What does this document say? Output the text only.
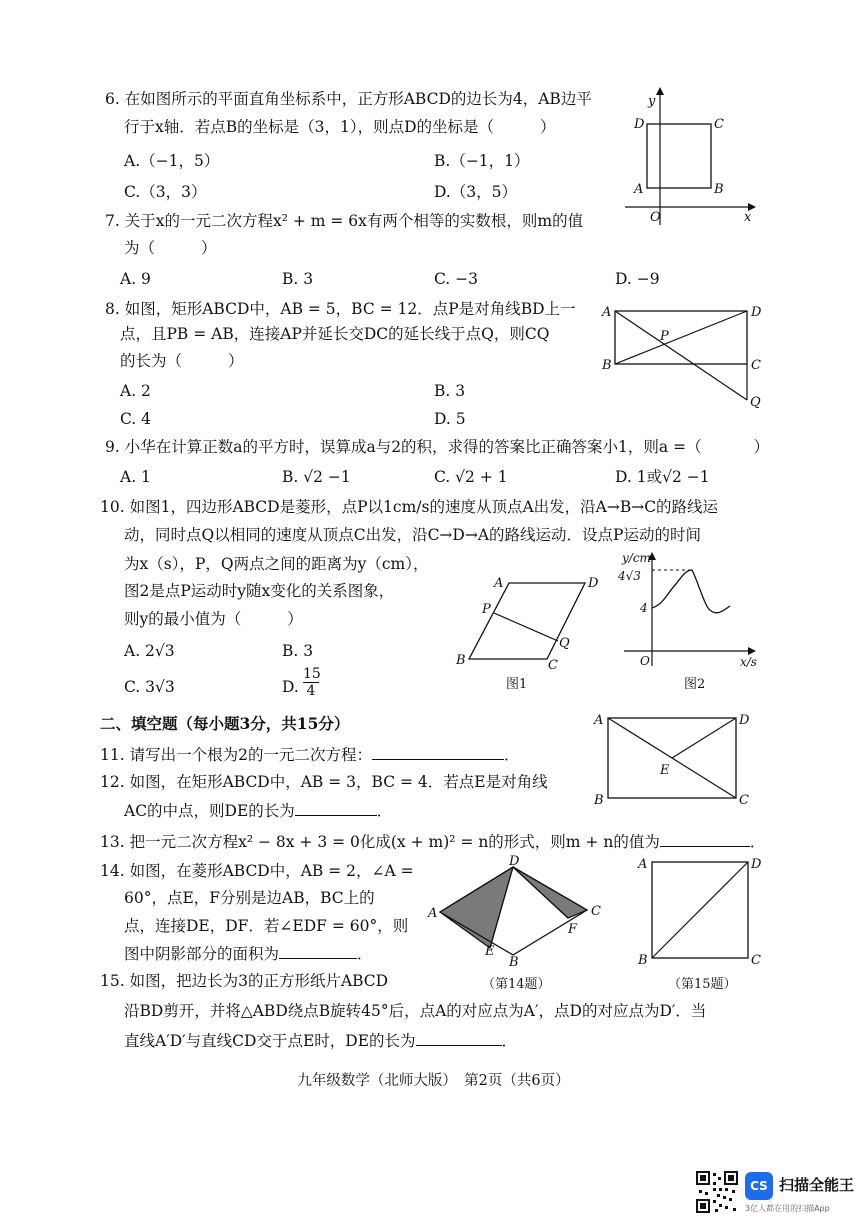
6. 在如图所示的平面直角坐标系中，正方形ABCD的边长为4，AB边平
行于x轴．若点B的坐标是（3，1），则点D的坐标是（	）
A.（−1，5）	B.（−1，1）
C.（3，3）	D.（3，5）
y
D	C
A	B
O	x
7. 关于x的一元二次方程x² + m = 6x有两个相等的实数根，则m的值
为（	）
A. 9	B. 3	C. −3	D. −9
8. 如图，矩形ABCD中，AB = 5，BC = 12．点P是对角线BD上一
点，且PB = AB，连接AP并延长交DC的延长线于点Q，则CQ
的长为（	）
A. 2	B. 3
C. 4	D. 5
A	D
P
B	C
Q
9. 小华在计算正数a的平方时，误算成a与2的积，求得的答案比正确答案小1，则a =（	）
A. 1	B. √2 −1	C. √2 + 1	D. 1或√2 −1
10. 如图1，四边形ABCD是菱形，点P以1cm/s的速度从顶点A出发，沿A→B→C的路线运
动，同时点Q以相同的速度从顶点C出发，沿C→D→A的路线运动．设点P运动的时间
为x（s），P，Q两点之间的距离为y（cm），
图2是点P运动时y随x变化的关系图象，
则y的最小值为（	）
A. 2√3	B. 3
C. 3√3	D. $\frac{15}{4}$
A	D
P
Q
B	C
图1
y/cm
4√3
4
O	x/s
图2
二、填空题（每小题3分，共15分）
11. 请写出一个根为2的一元二次方程：	．
12. 如图，在矩形ABCD中，AB = 3，BC = 4．若点E是对角线
AC的中点，则DE的长为	．
A	D
E
B	C
13. 把一元二次方程x² − 8x + 3 = 0化成(x + m)² = n的形式，则m + n的值为	．
14. 如图，在菱形ABCD中，AB = 2，∠A =
60°，点E，F分别是边AB，BC上的
点，连接DE，DF．若∠EDF = 60°，则
图中阴影部分的面积为	．
A
D
C
F
E
B
（第14题）
A	D
B	C
（第15题）
15. 如图，把边长为3的正方形纸片ABCD
沿BD剪开，并将△ABD绕点B旋转45°后，点A的对应点为A′，点D的对应点为D′．当
直线A′D′与直线CD交于点E时，DE的长为	．
九年级数学（北师大版）　第2页（共6页）
CS 扫描全能王
3亿人都在用的扫描App
